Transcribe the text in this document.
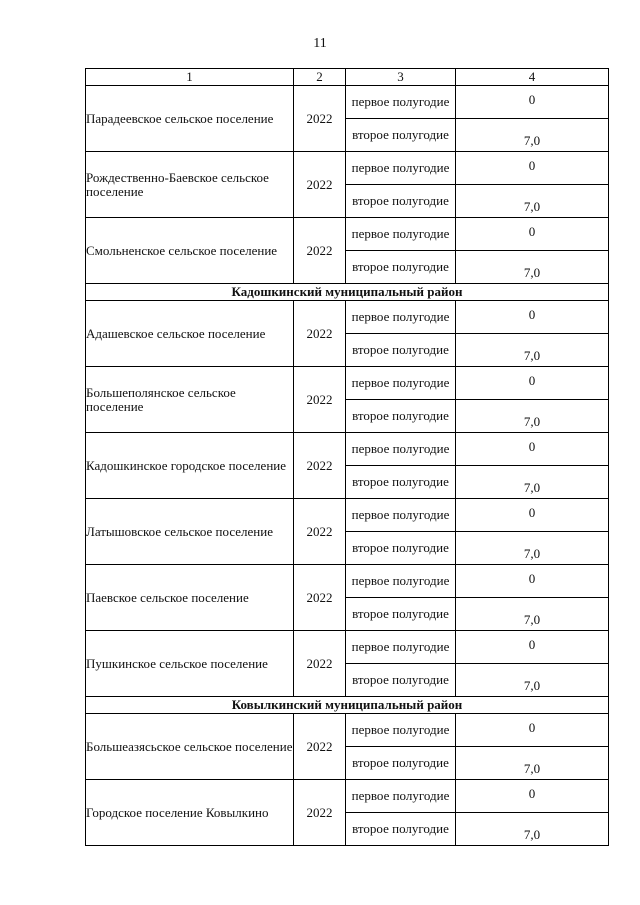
11
1	2	3	4
Парадеевское сельское поселение	2022	первое полугодие	0
		второе полугодие	7,0
Рождественно-Баевское сельское поселение	2022	первое полугодие	0
		второе полугодие	7,0
Смольненское сельское поселение	2022	первое полугодие	0
		второе полугодие	7,0
Кадошкинский муниципальный район			
Адашевское сельское поселение	2022	первое полугодие	0
		второе полугодие	7,0
Большеполянское сельское поселение	2022	первое полугодие	0
		второе полугодие	7,0
Кадошкинское городское поселение	2022	первое полугодие	0
		второе полугодие	7,0
Латышовское сельское поселение	2022	первое полугодие	0
		второе полугодие	7,0
Паевское сельское поселение	2022	первое полугодие	0
		второе полугодие	7,0
Пушкинское сельское поселение	2022	первое полугодие	0
		второе полугодие	7,0
Ковылкинский муниципальный район			
Большеазясьское сельское поселение	2022	первое полугодие	0
		второе полугодие	7,0
Городское поселение Ковылкино	2022	первое полугодие	0
		второе полугодие	7,0
